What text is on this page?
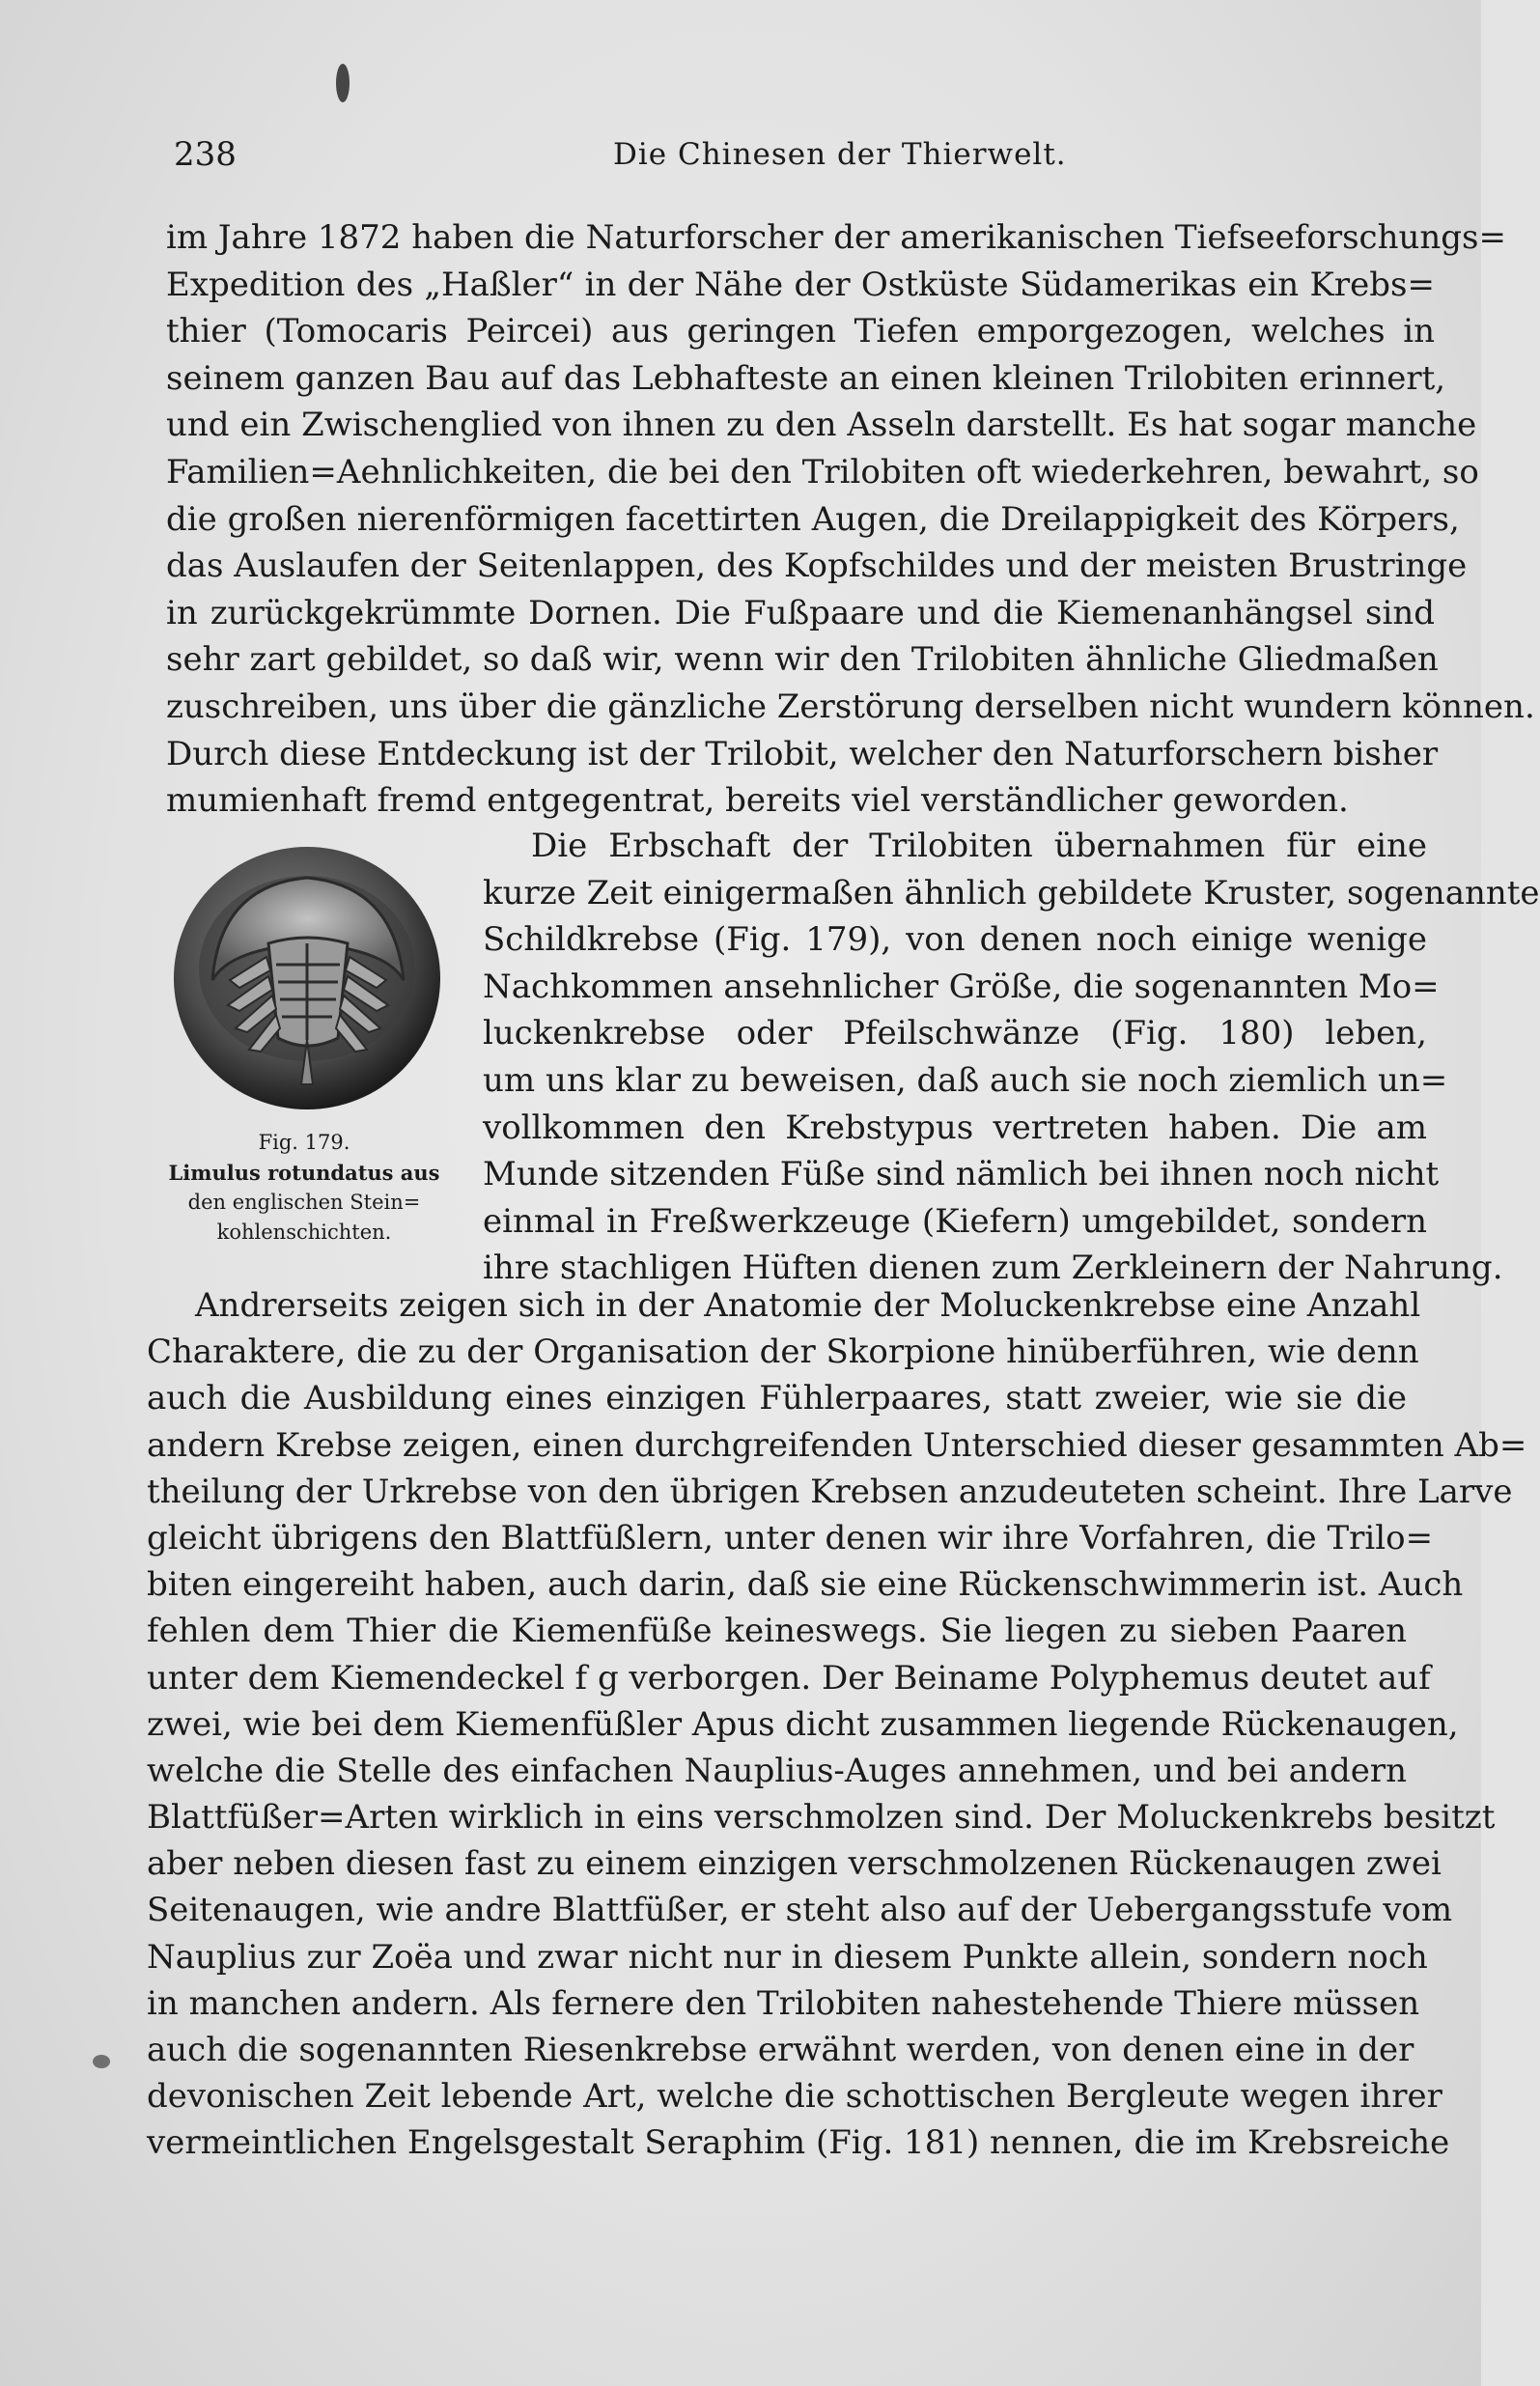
238	Die Chinesen der Thierwelt.
im Jahre 1872 haben die Naturforscher der amerikanischen Tiefseeforschungs=
Expedition des „Haßler“ in der Nähe der Ostküste Südamerikas ein Krebs=
thier (Tomocaris Peircei) aus geringen Tiefen emporgezogen, welches in
seinem ganzen Bau auf das Lebhafteste an einen kleinen Trilobiten erinnert,
und ein Zwischenglied von ihnen zu den Asseln darstellt. Es hat sogar manche
Familien=Aehnlichkeiten, die bei den Trilobiten oft wiederkehren, bewahrt, so
die großen nierenförmigen facettirten Augen, die Dreilappigkeit des Körpers,
das Auslaufen der Seitenlappen, des Kopfschildes und der meisten Brustringe
in zurückgekrümmte Dornen. Die Fußpaare und die Kiemenanhängsel sind
sehr zart gebildet, so daß wir, wenn wir den Trilobiten ähnliche Gliedmaßen
zuschreiben, uns über die gänzliche Zerstörung derselben nicht wundern können.
Durch diese Entdeckung ist der Trilobit, welcher den Naturforschern bisher
mumienhaft fremd entgegentrat, bereits viel verständlicher geworden.
Fig. 179.
Limulus rotundatus aus
den englischen Stein=
kohlenschichten.
Die Erbschaft der Trilobiten übernahmen für eine
kurze Zeit einigermaßen ähnlich gebildete Kruster, sogenannte
Schildkrebse (Fig. 179), von denen noch einige wenige
Nachkommen ansehnlicher Größe, die sogenannten Mo=
luckenkrebse oder Pfeilschwänze (Fig. 180) leben,
um uns klar zu beweisen, daß auch sie noch ziemlich un=
vollkommen den Krebstypus vertreten haben. Die am
Munde sitzenden Füße sind nämlich bei ihnen noch nicht
einmal in Freßwerkzeuge (Kiefern) umgebildet, sondern
ihre stachligen Hüften dienen zum Zerkleinern der Nahrung.
Andrerseits zeigen sich in der Anatomie der Moluckenkrebse eine Anzahl
Charaktere, die zu der Organisation der Skorpione hinüberführen, wie denn
auch die Ausbildung eines einzigen Fühlerpaares, statt zweier, wie sie die
andern Krebse zeigen, einen durchgreifenden Unterschied dieser gesammten Ab=
theilung der Urkrebse von den übrigen Krebsen anzudeuteten scheint. Ihre Larve
gleicht übrigens den Blattfüßlern, unter denen wir ihre Vorfahren, die Trilo=
biten eingereiht haben, auch darin, daß sie eine Rückenschwimmerin ist. Auch
fehlen dem Thier die Kiemenfüße keineswegs. Sie liegen zu sieben Paaren
unter dem Kiemendeckel f g verborgen. Der Beiname Polyphemus deutet auf
zwei, wie bei dem Kiemenfüßler Apus dicht zusammen liegende Rückenaugen,
welche die Stelle des einfachen Nauplius-Auges annehmen, und bei andern
Blattfüßer=Arten wirklich in eins verschmolzen sind. Der Moluckenkrebs besitzt
aber neben diesen fast zu einem einzigen verschmolzenen Rückenaugen zwei
Seitenaugen, wie andre Blattfüßer, er steht also auf der Uebergangsstufe vom
Nauplius zur Zoëa und zwar nicht nur in diesem Punkte allein, sondern noch
in manchen andern. Als fernere den Trilobiten nahestehende Thiere müssen
auch die sogenannten Riesenkrebse erwähnt werden, von denen eine in der
devonischen Zeit lebende Art, welche die schottischen Bergleute wegen ihrer
vermeintlichen Engelsgestalt Seraphim (Fig. 181) nennen, die im Krebsreiche
